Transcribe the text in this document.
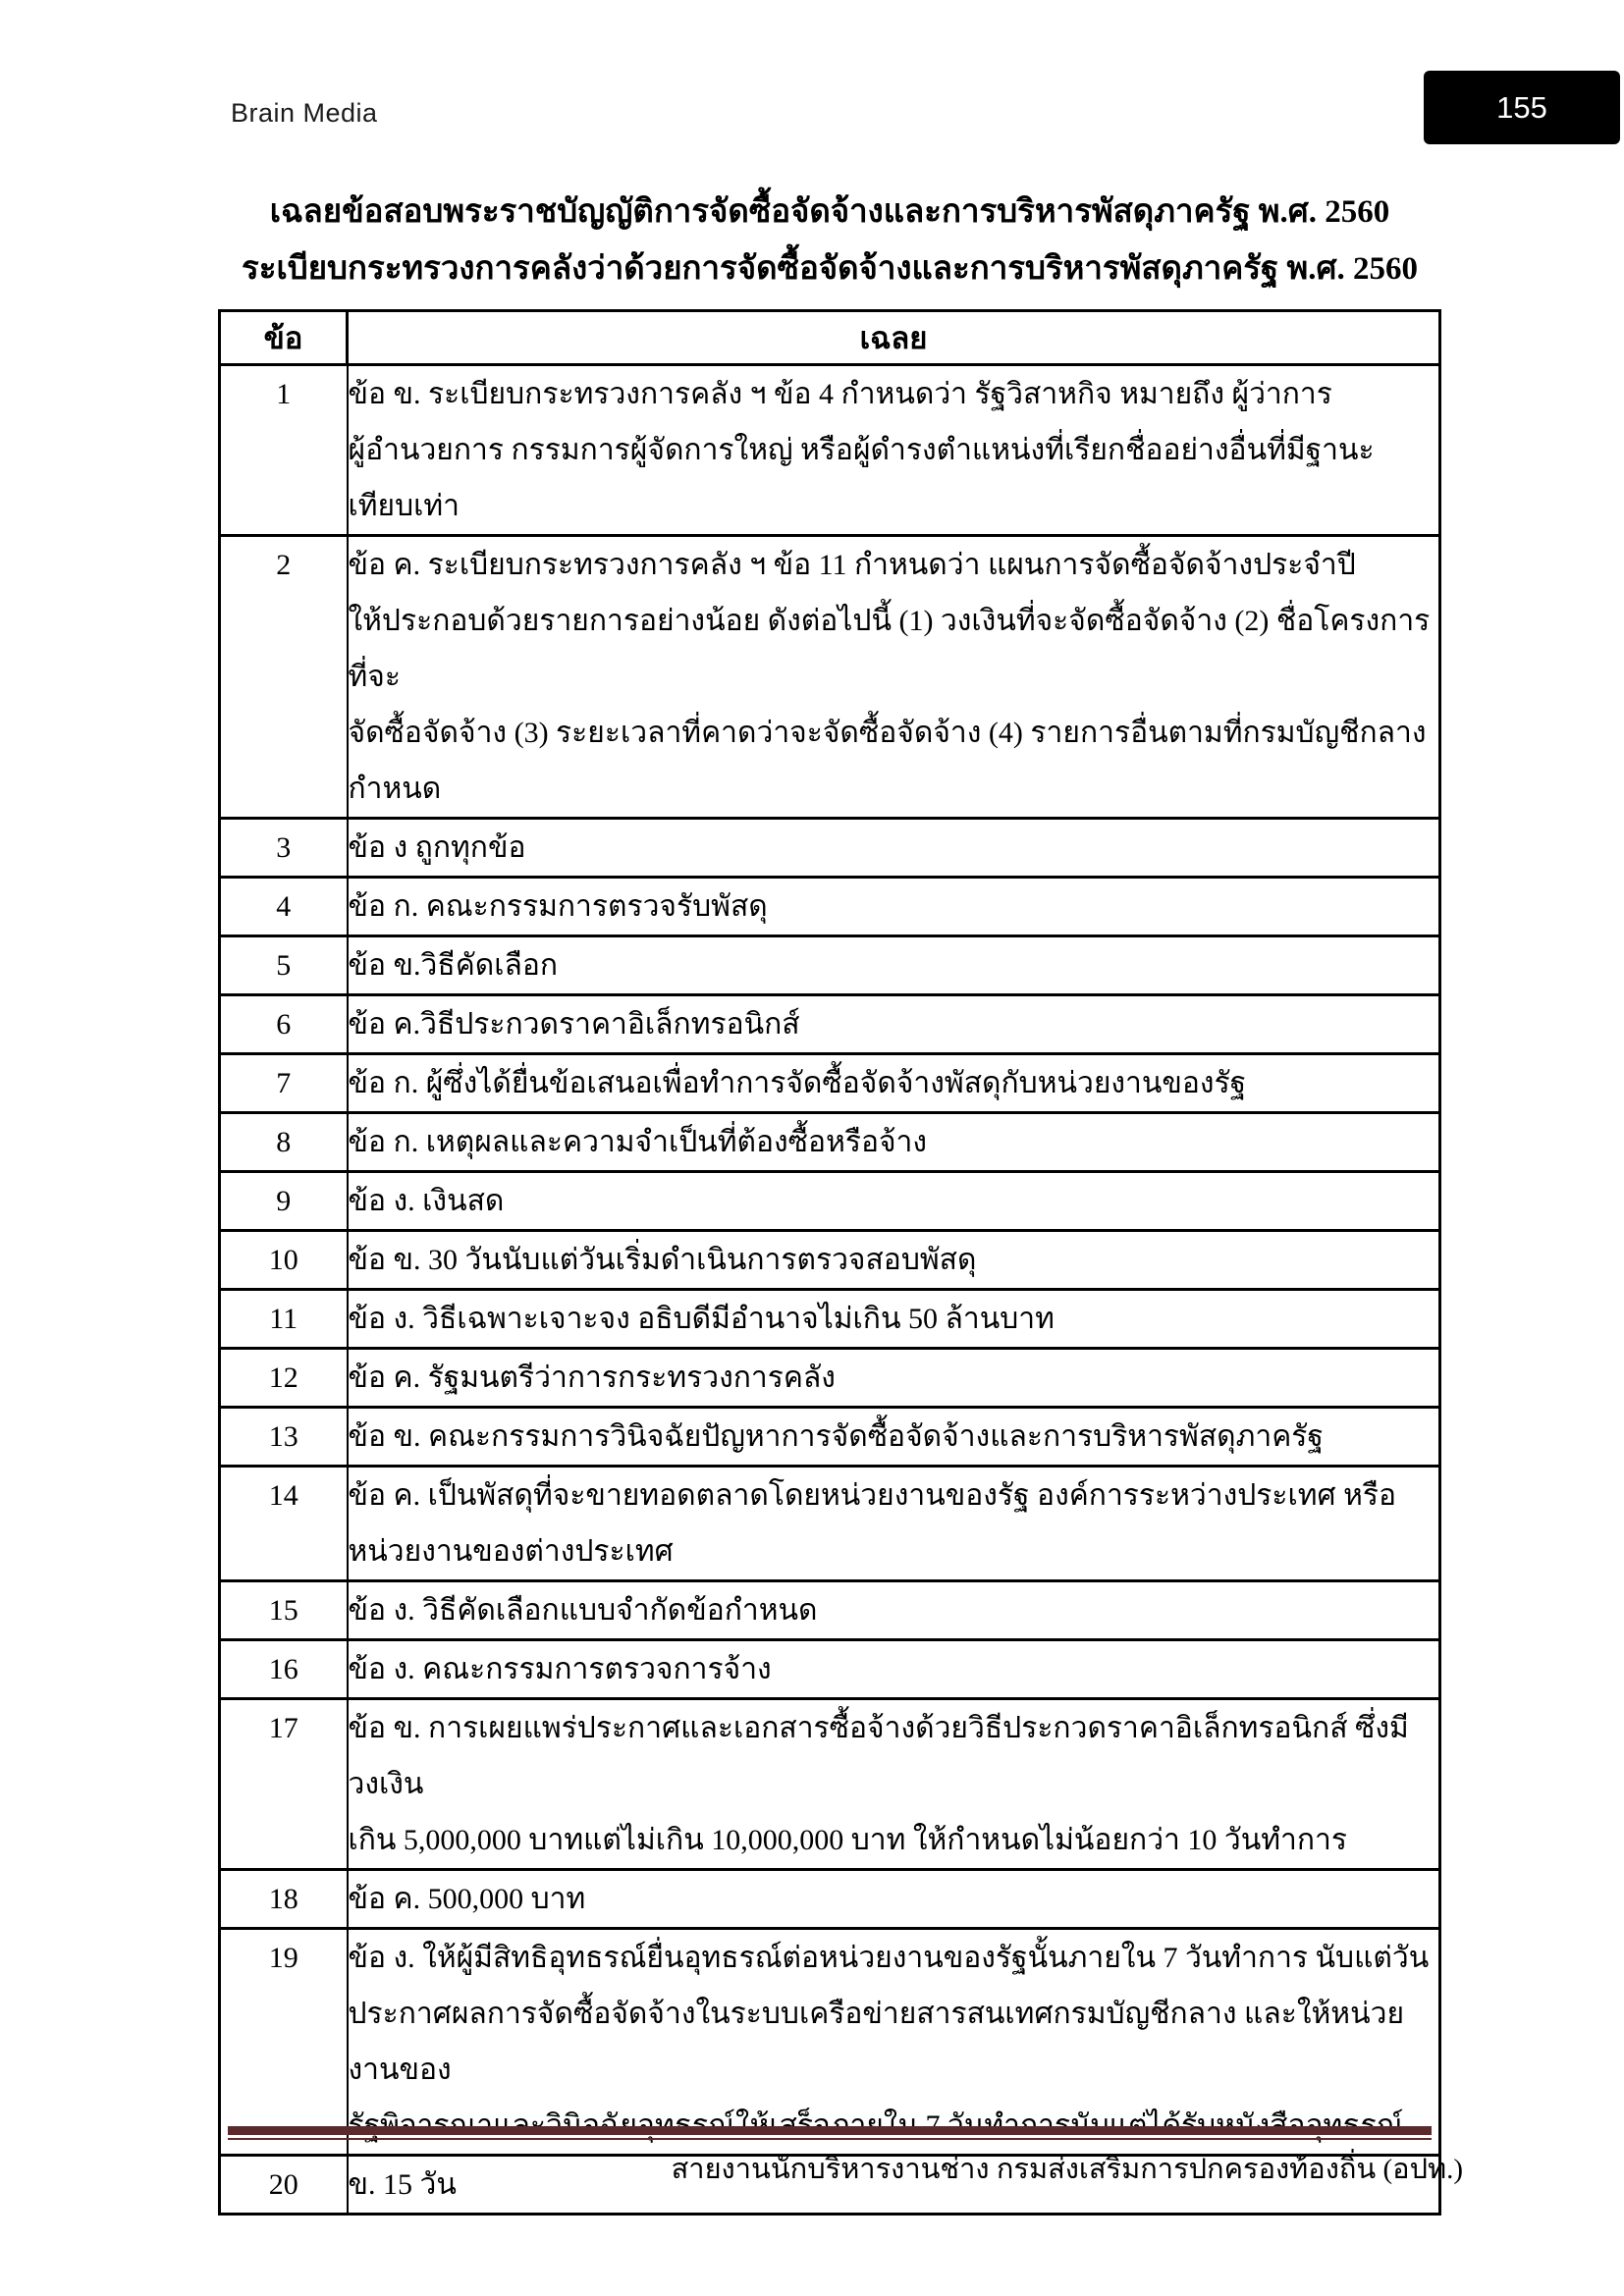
Brain Media	155
เฉลยข้อสอบพระราชบัญญัติการจัดซื้อจัดจ้างและการบริหารพัสดุภาครัฐ พ.ศ. 2560
ระเบียบกระทรวงการคลังว่าด้วยการจัดซื้อจัดจ้างและการบริหารพัสดุภาครัฐ พ.ศ. 2560
ข้อ	เฉลย
1	ข้อ ข. ระเบียบกระทรวงการคลัง ฯ ข้อ 4 กำหนดว่า รัฐวิสาหกิจ หมายถึง ผู้ว่าการ
ผู้อำนวยการ กรรมการผู้จัดการใหญ่ หรือผู้ดำรงตำแหน่งที่เรียกชื่ออย่างอื่นที่มีฐานะเทียบเท่า

2	ข้อ ค. ระเบียบกระทรวงการคลัง ฯ ข้อ 11 กำหนดว่า แผนการจัดซื้อจัดจ้างประจำปี
ให้ประกอบด้วยรายการอย่างน้อย ดังต่อไปนี้ (1) วงเงินที่จะจัดซื้อจัดจ้าง (2) ชื่อโครงการที่จะ
จัดซื้อจัดจ้าง (3) ระยะเวลาที่คาดว่าจะจัดซื้อจัดจ้าง (4) รายการอื่นตามที่กรมบัญชีกลาง
กำหนด

3	ข้อ ง ถูกทุกข้อ

4	ข้อ ก. คณะกรรมการตรวจรับพัสดุ

5	ข้อ ข.วิธีคัดเลือก

6	ข้อ ค.วิธีประกวดราคาอิเล็กทรอนิกส์

7	ข้อ ก. ผู้ซึ่งได้ยื่นข้อเสนอเพื่อทำการจัดซื้อจัดจ้างพัสดุกับหน่วยงานของรัฐ

8	ข้อ ก. เหตุผลและความจำเป็นที่ต้องซื้อหรือจ้าง

9	ข้อ ง. เงินสด

10	ข้อ ข. 30 วันนับแต่วันเริ่มดำเนินการตรวจสอบพัสดุ

11	ข้อ ง. วิธีเฉพาะเจาะจง อธิบดีมีอำนาจไม่เกิน 50 ล้านบาท

12	ข้อ ค. รัฐมนตรีว่าการกระทรวงการคลัง

13	ข้อ ข. คณะกรรมการวินิจฉัยปัญหาการจัดซื้อจัดจ้างและการบริหารพัสดุภาครัฐ

14	ข้อ ค. เป็นพัสดุที่จะขายทอดตลาดโดยหน่วยงานของรัฐ องค์การระหว่างประเทศ หรือ
หน่วยงานของต่างประเทศ

15	ข้อ ง. วิธีคัดเลือกแบบจำกัดข้อกำหนด

16	ข้อ ง. คณะกรรมการตรวจการจ้าง

17	ข้อ ข. การเผยแพร่ประกาศและเอกสารซื้อจ้างด้วยวิธีประกวดราคาอิเล็กทรอนิกส์ ซึ่งมีวงเงิน
เกิน 5,000,000 บาทแต่ไม่เกิน 10,000,000 บาท ให้กำหนดไม่น้อยกว่า 10 วันทำการ

18	ข้อ ค. 500,000 บาท

19	ข้อ ง. ให้ผู้มีสิทธิอุทธรณ์ยื่นอุทธรณ์ต่อหน่วยงานของรัฐนั้นภายใน 7 วันทำการ นับแต่วัน
ประกาศผลการจัดซื้อจัดจ้างในระบบเครือข่ายสารสนเทศกรมบัญชีกลาง และให้หน่วยงานของ

20	ข. 15 วัน	สายงานนักบริหารงานช่าง กรมส่งเสริมการปกครองท้องถิ่น (อปท.)
